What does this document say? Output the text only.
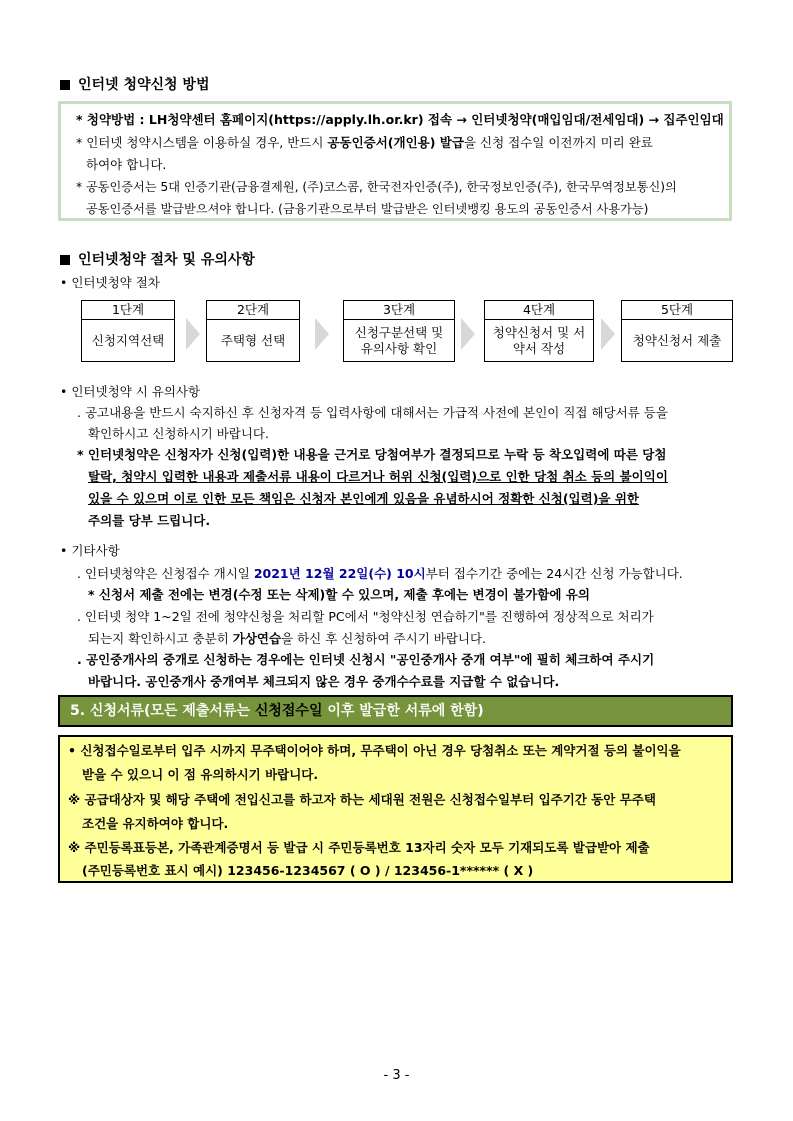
인터넷 청약신청 방법
* 청약방법 : LH청약센터 홈페이지(https://apply.lh.or.kr) 접속 → 인터넷청약(매입임대/전세임대) → 집주인임대
* 인터넷 청약시스템을 이용하실 경우, 반드시 공동인증서(개인용) 발급을 신청 접수일 이전까지 미리 완료
하여야 합니다.
* 공동인증서는 5대 인증기관(금융결제원, (주)코스콤, 한국전자인증(주), 한국정보인증(주), 한국무역정보통신)의
공동인증서를 발급받으셔야 합니다. (금융기관으로부터 발급받은 인터넷뱅킹 용도의 공동인증서 사용가능)
인터넷청약 절차 및 유의사항
• 인터넷청약 절차
1단계
신청지역선택
2단계
주택형 선택
3단계
신청구분선택 및 유의사항 확인
4단계
청약신청서 및 서약서 작성
5단계
청약신청서 제출
• 인터넷청약 시 유의사항
. 공고내용을 반드시 숙지하신 후 신청자격 등 입력사항에 대해서는 가급적 사전에 본인이 직접 해당서류 등을
확인하시고 신청하시기 바랍니다.
* 인터넷청약은 신청자가 신청(입력)한 내용을 근거로 당첨여부가 결정되므로 누락 등 착오입력에 따른 당첨
탈락, 청약시 입력한 내용과 제출서류 내용이 다르거나 허위 신청(입력)으로 인한 당첨 취소 등의 불이익이
있을 수 있으며 이로 인한 모든 책임은 신청자 본인에게 있음을 유념하시어 정확한 신청(입력)을 위한
주의를 당부 드립니다.
• 기타사항
. 인터넷청약은 신청접수 개시일 2021년 12월 22일(수) 10시부터 접수기간 중에는 24시간 신청 가능합니다.
* 신청서 제출 전에는 변경(수정 또는 삭제)할 수 있으며, 제출 후에는 변경이 불가함에 유의
. 인터넷 청약 1~2일 전에 청약신청을 처리할 PC에서 "청약신청 연습하기"를 진행하여 정상적으로 처리가
되는지 확인하시고 충분히 가상연습을 하신 후 신청하여 주시기 바랍니다.
. 공인중개사의 중개로 신청하는 경우에는 인터넷 신청시 "공인중개사 중개 여부"에 필히 체크하여 주시기
바랍니다. 공인중개사 중개여부 체크되지 않은 경우 중개수수료를 지급할 수 없습니다.
5. 신청서류(모든 제출서류는 신청접수일 이후 발급한 서류에 한함)
• 신청접수일로부터 입주 시까지 무주택이어야 하며, 무주택이 아닌 경우 당첨취소 또는 계약거절 등의 불이익을
받을 수 있으니 이 점 유의하시기 바랍니다.
※ 공급대상자 및 해당 주택에 전입신고를 하고자 하는 세대원 전원은 신청접수일부터 입주기간 동안 무주택
조건을 유지하여야 합니다.
※ 주민등록표등본, 가족관계증명서 등 발급 시 주민등록번호 13자리 숫자 모두 기재되도록 발급받아 제출
(주민등록번호 표시 예시) 123456-1234567 ( O ) / 123456-1****** ( X )
- 3 -
